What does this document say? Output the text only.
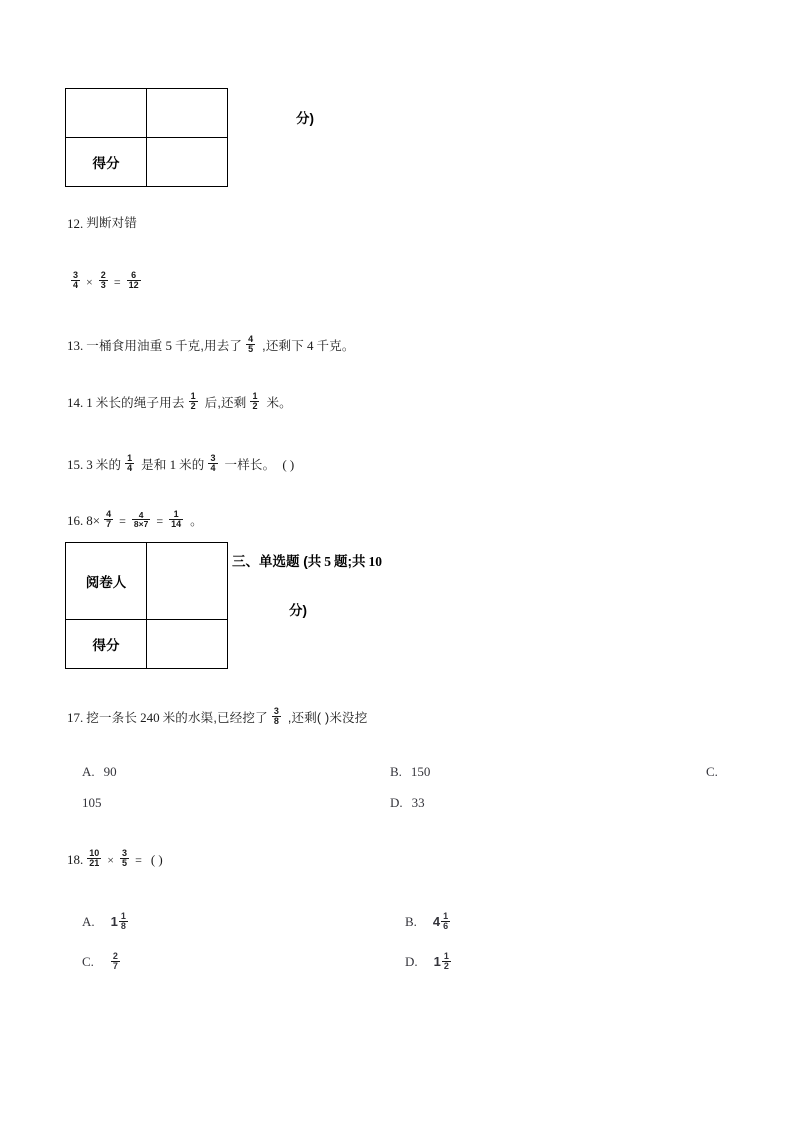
得分	
分)
12. 判断对错
$\frac{3}{4} \times \frac{2}{3} = \frac{6}{12}$
13. 一桶食用油重 5 千克,用去了 $\frac{4}{5}$ ,还剩下 4 千克。
14. 1 米长的绳子用去 $\frac{1}{2}$ 后,还剩 $\frac{1}{2}$ 米。
15. 3 米的 $\frac{1}{4}$ 是和 1 米的 $\frac{3}{4}$ 一样长。 ( )
16. $8\times \frac{4}{7} = \frac{4}{8\times 7} = \frac{1}{14}$ 。
阅卷人	
得分	
三、单选题 (共 5 题;共 10
分)
17. 挖一条长 240 米的水渠,已经挖了 $\frac{3}{8}$ ,还剩( )米没挖
A. 90	B. 150	C.
105	D. 33
18. $\frac{10}{21} \times \frac{3}{5}$ = ( )
A. $1 \frac{1}{8}$	B. $4 \frac{1}{6}$
C. $\frac{2}{7}$	D. $1 \frac{1}{2}$
